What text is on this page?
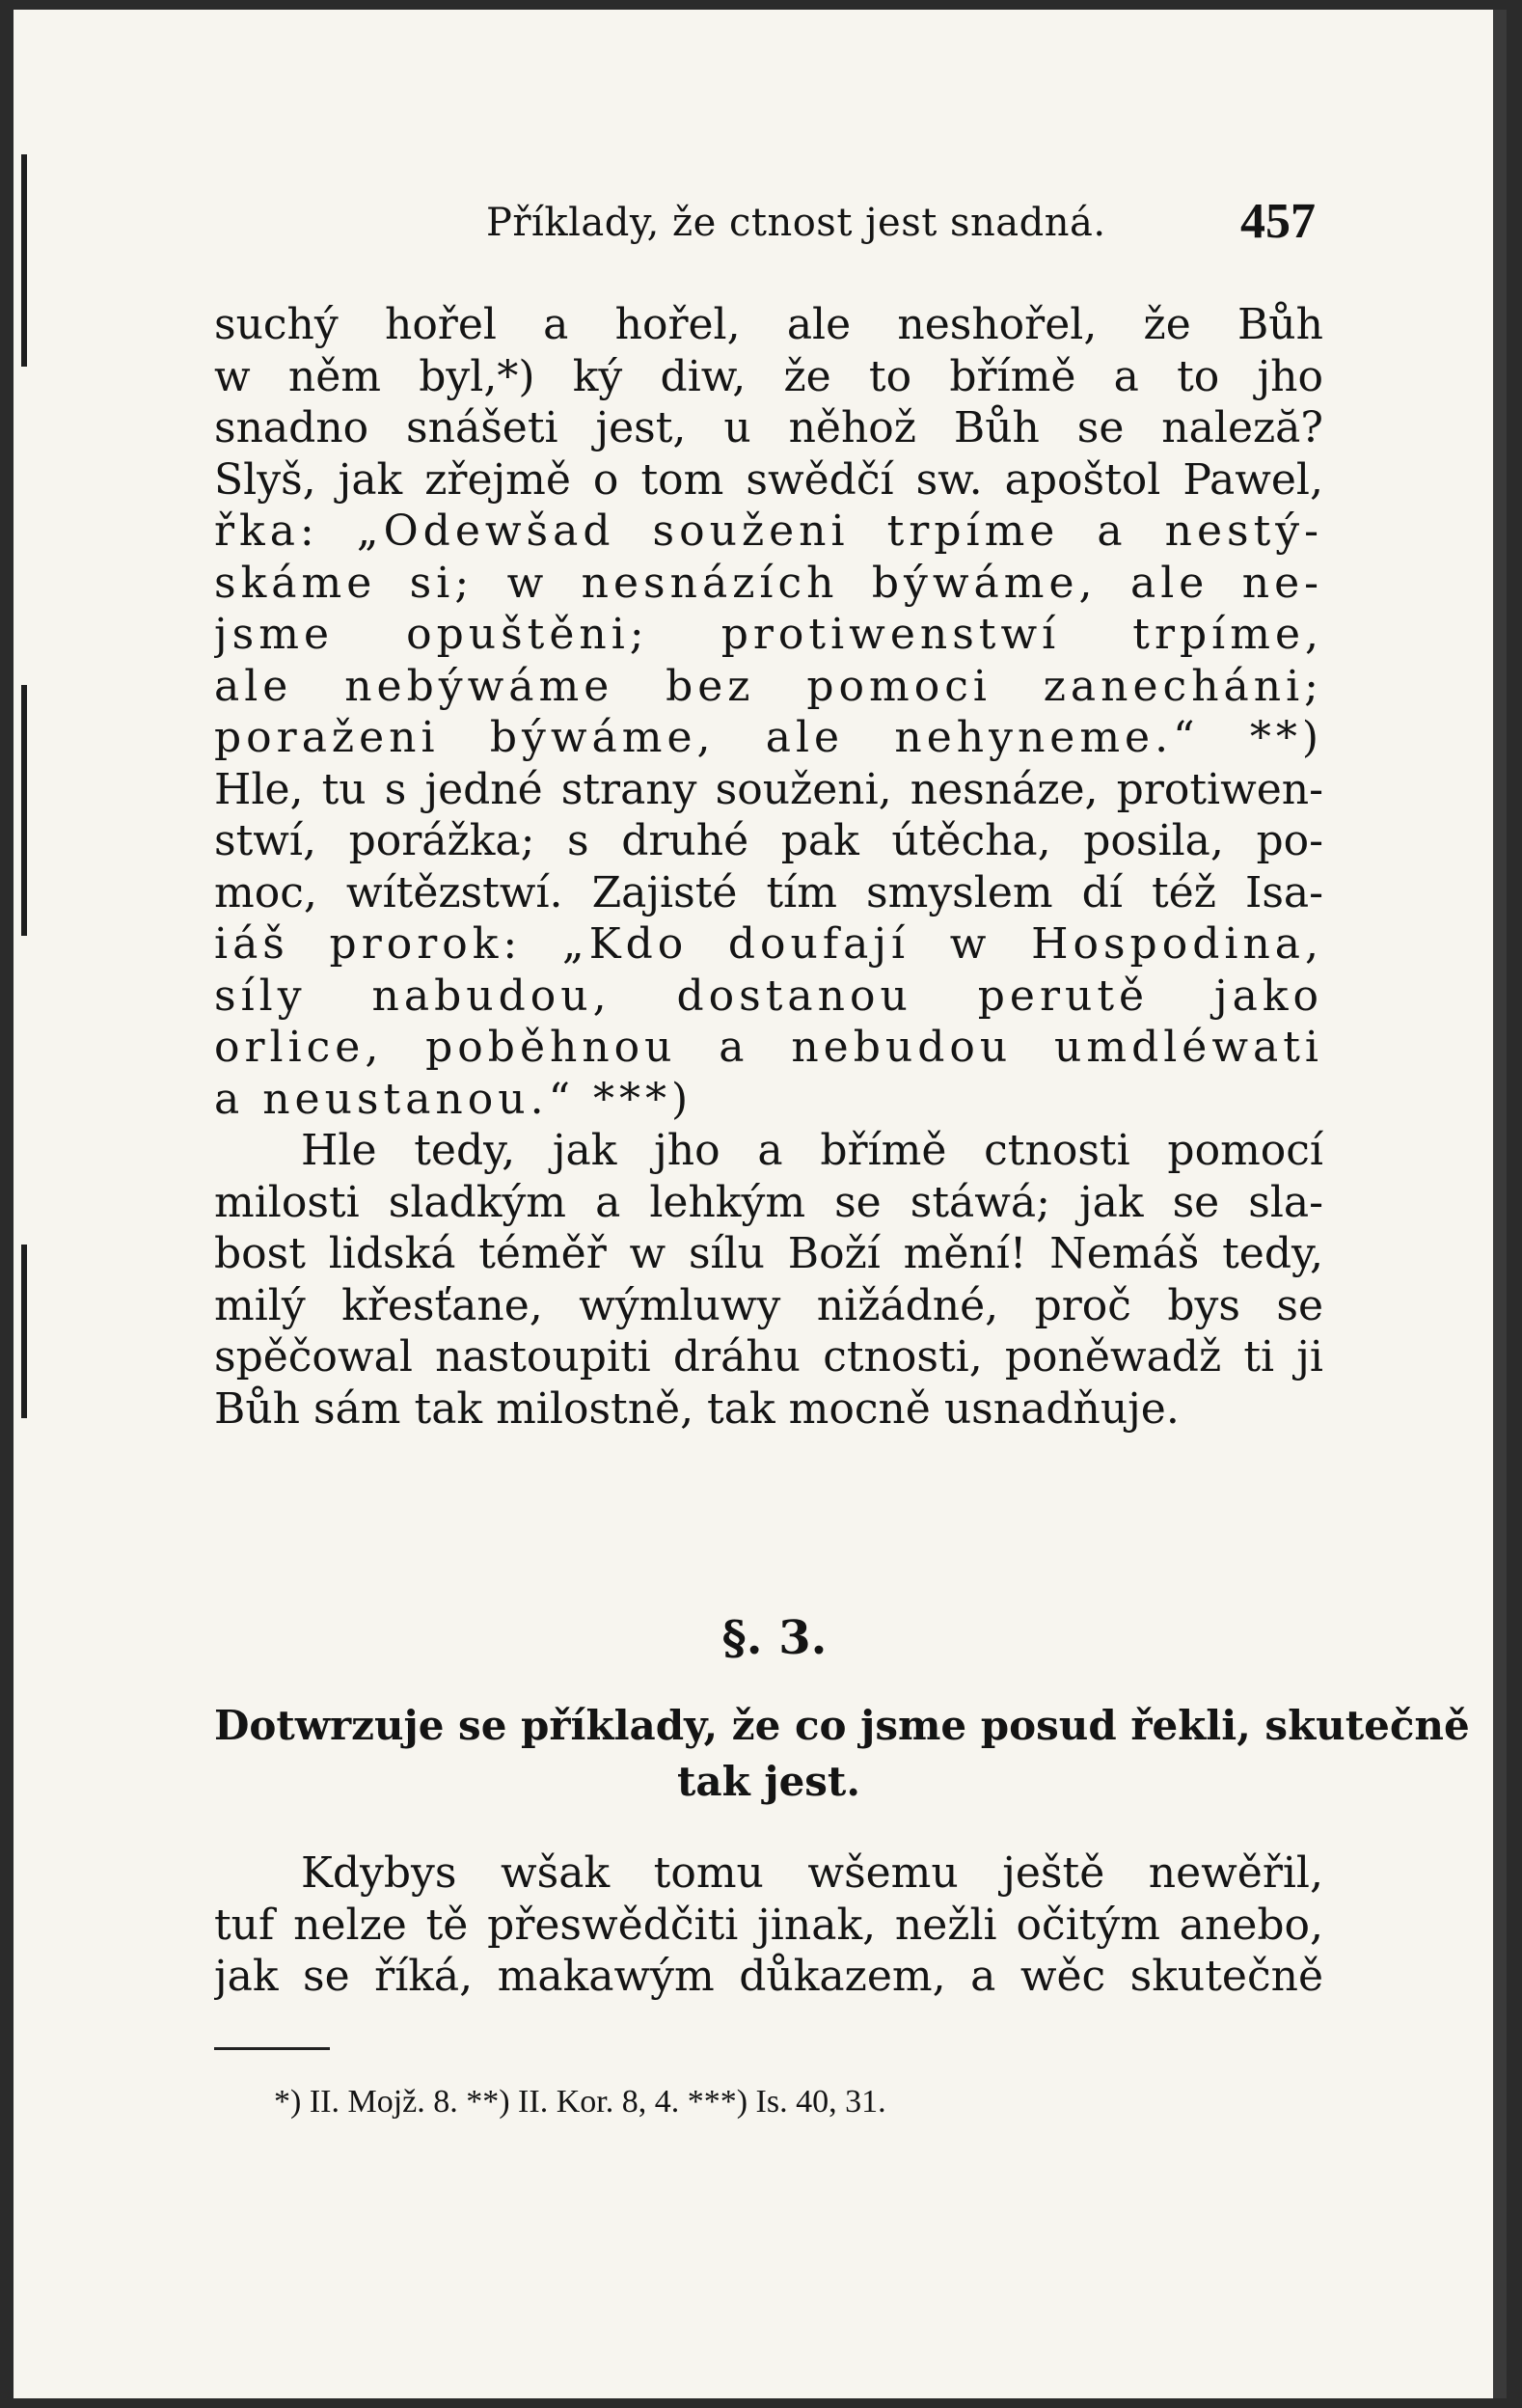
Příklady, že ctnost jest snadná.	457
suchý hořel a hořel, ale neshořel, že Bůh
w něm byl,*) ký diw, že to břímě a to jho
snadno snášeti jest, u něhož Bůh se naleză?
Slyš, jak zřejmě o tom swědčí sw. apoštol Pawel,
řka: „Odewšad souženi trpíme a nestý-
skáme si; w nesnázích býwáme, ale ne-
jsme opuštěni; protiwenstwí trpíme,
ale nebýwáme bez pomoci zanecháni;
poraženi býwáme, ale nehyneme.“ **)
Hle, tu s jedné strany souženi, nesnáze, protiwen-
stwí, porážka; s druhé pak útěcha, posila, po-
moc, wítězstwí. Zajisté tím smyslem dí též Isa-
iáš prorok: „Kdo doufají w Hospodina,
síly nabudou, dostanou perutě jako
orlice, poběhnou a nebudou umdléwati
a neustanou.“ ***)
Hle tedy, jak jho a břímě ctnosti pomocí
milosti sladkým a lehkým se stáwá; jak se sla-
bost lidská téměř w sílu Boží mění! Nemáš tedy,
milý křesťane, wýmluwy nižádné, proč bys se
spěčowal nastoupiti dráhu ctnosti, poněwadž ti ji
Bůh sám tak milostně, tak mocně usnadňuje.
§. 3.
Dotwrzuje se příklady, že co jsme posud řekli, skutečně
tak jest.
Kdybys wšak tomu wšemu ještě newěřil,
tuf nelze tě přeswědčiti jinak, nežli očitým anebo,
jak se říká, makawým důkazem, a wěc skutečně
*) II. Mojž. 8. **) II. Kor. 8, 4. ***) Is. 40, 31.
